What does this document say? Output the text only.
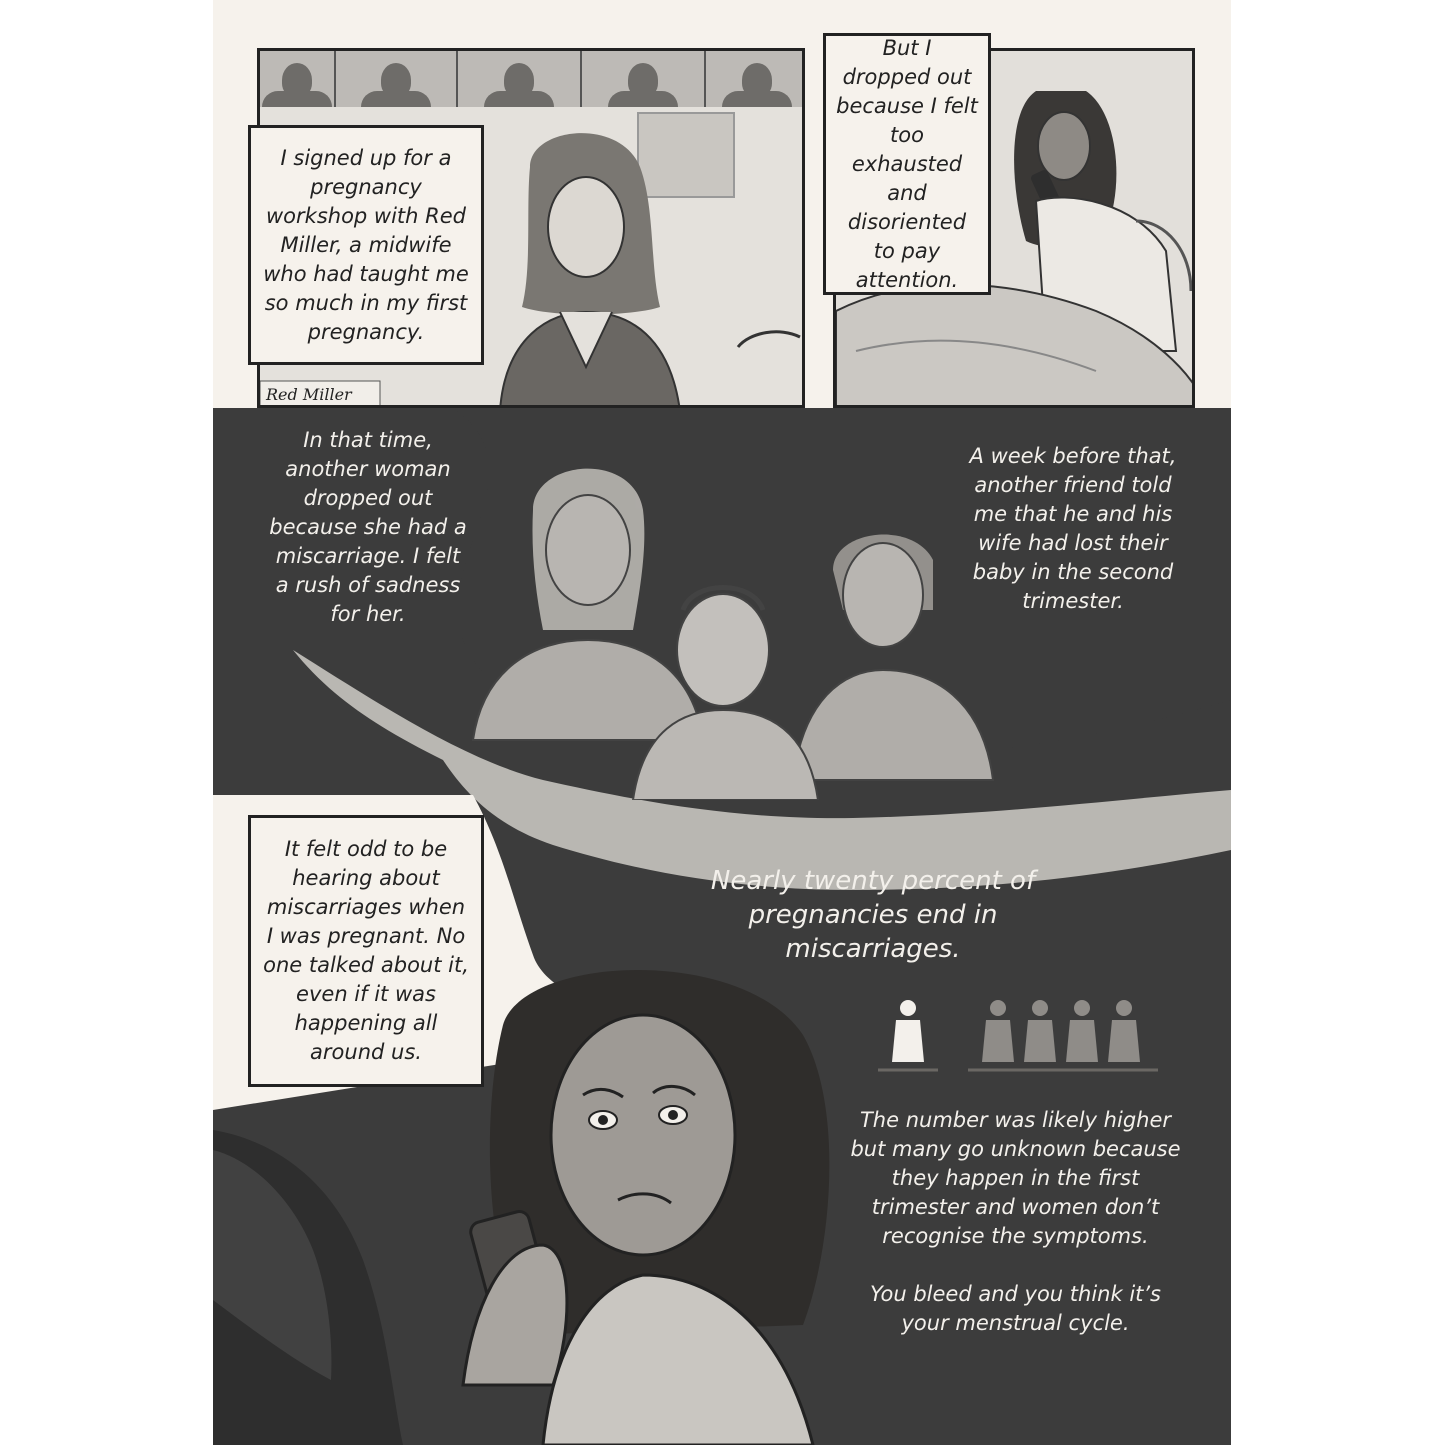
Red Miller
I signed up for a pregnancy workshop with Red Miller, a midwife who had taught me so much in my first pregnancy.
But I dropped out because I felt too exhausted and disoriented to pay attention.
In that time, another woman dropped out because she had a miscarriage. I felt a rush of sadness for her.
A week before that, another friend told me that he and his wife had lost their baby in the second trimester.
It felt odd to be hearing about miscarriages when I was pregnant. No one talked about it, even if it was happening all around us.
Nearly twenty percent of pregnancies end in miscarriages.
The number was likely higher but many go unknown because they happen in the first trimester and women don’t recognise the symptoms.
You bleed and you think it’s your menstrual cycle.
